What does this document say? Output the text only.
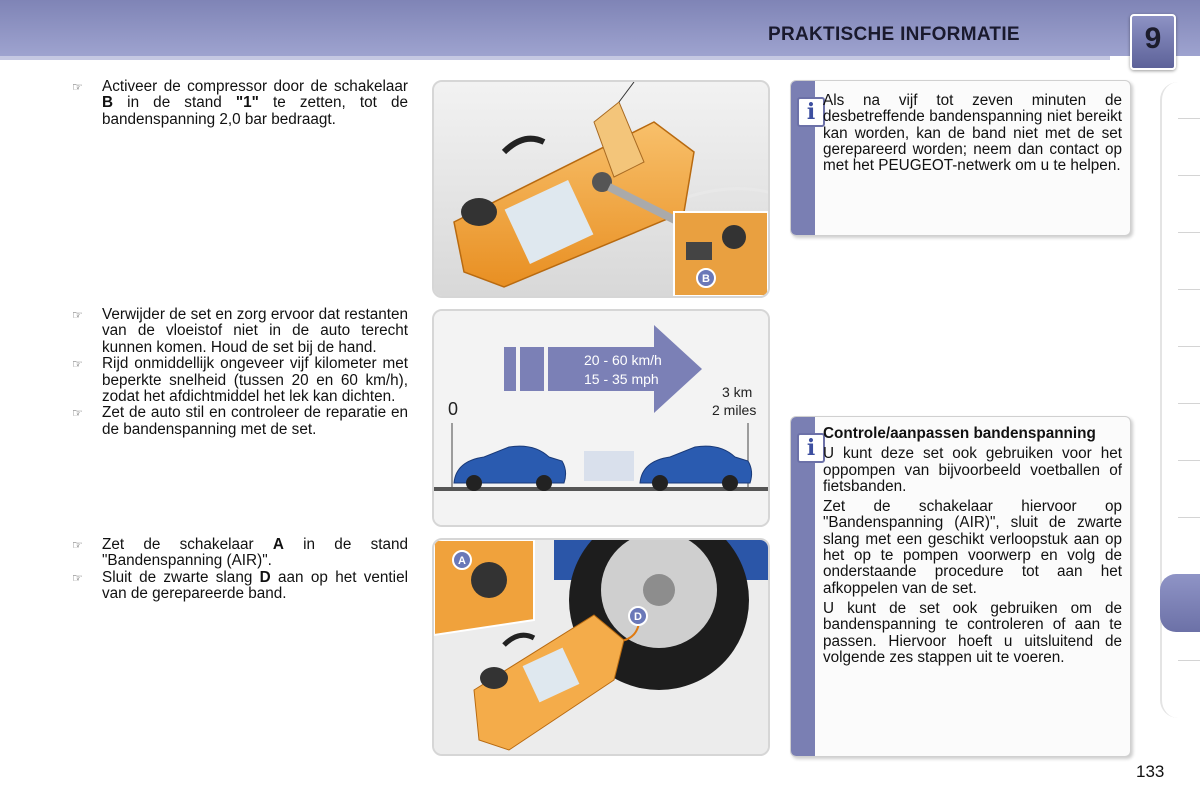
PRAKTISCHE INFORMATIE	9
☞ Activeer de compressor door de schakelaar B in de stand "1" te zetten, tot de bandenspanning 2,0 bar bedraagt.
☞ Verwijder de set en zorg ervoor dat restanten van de vloeistof niet in de auto terecht kunnen komen. Houd de set bij de hand.
☞ Rijd onmiddellijk ongeveer vijf kilometer met beperkte snelheid (tussen 20 en 60 km/h), zodat het afdichtmiddel het lek kan dichten.
☞ Zet de auto stil en controleer de reparatie en de bandenspanning met de set.
☞ Zet de schakelaar A in de stand "Bandenspanning (AIR)".
☞ Sluit de zwarte slang D aan op het ventiel van de gerepareerde band.
B
20 - 60 km/h
15 - 35 mph
0
3 km
2 miles
A
D
i Als na vijf tot zeven minuten de desbetreffende bandenspanning niet bereikt kan worden, kan de band niet met de set gerepareerd worden; neem dan contact op met het PEUGEOT-netwerk om u te helpen.
i

Controle/aanpassen bandenspanning

U kunt deze set ook gebruiken voor het oppompen van bijvoorbeeld voetballen of fietsbanden.

Zet de schakelaar hiervoor op "Bandenspanning (AIR)", sluit de zwarte slang met een geschikt verloopstuk aan op het op te pompen voorwerp en volg de onderstaande procedure tot aan het afkoppelen van de set.

U kunt de set ook gebruiken om de bandenspanning te controleren of aan te passen. Hiervoor hoeft u uitsluitend de volgende zes stappen uit te voeren.

133
